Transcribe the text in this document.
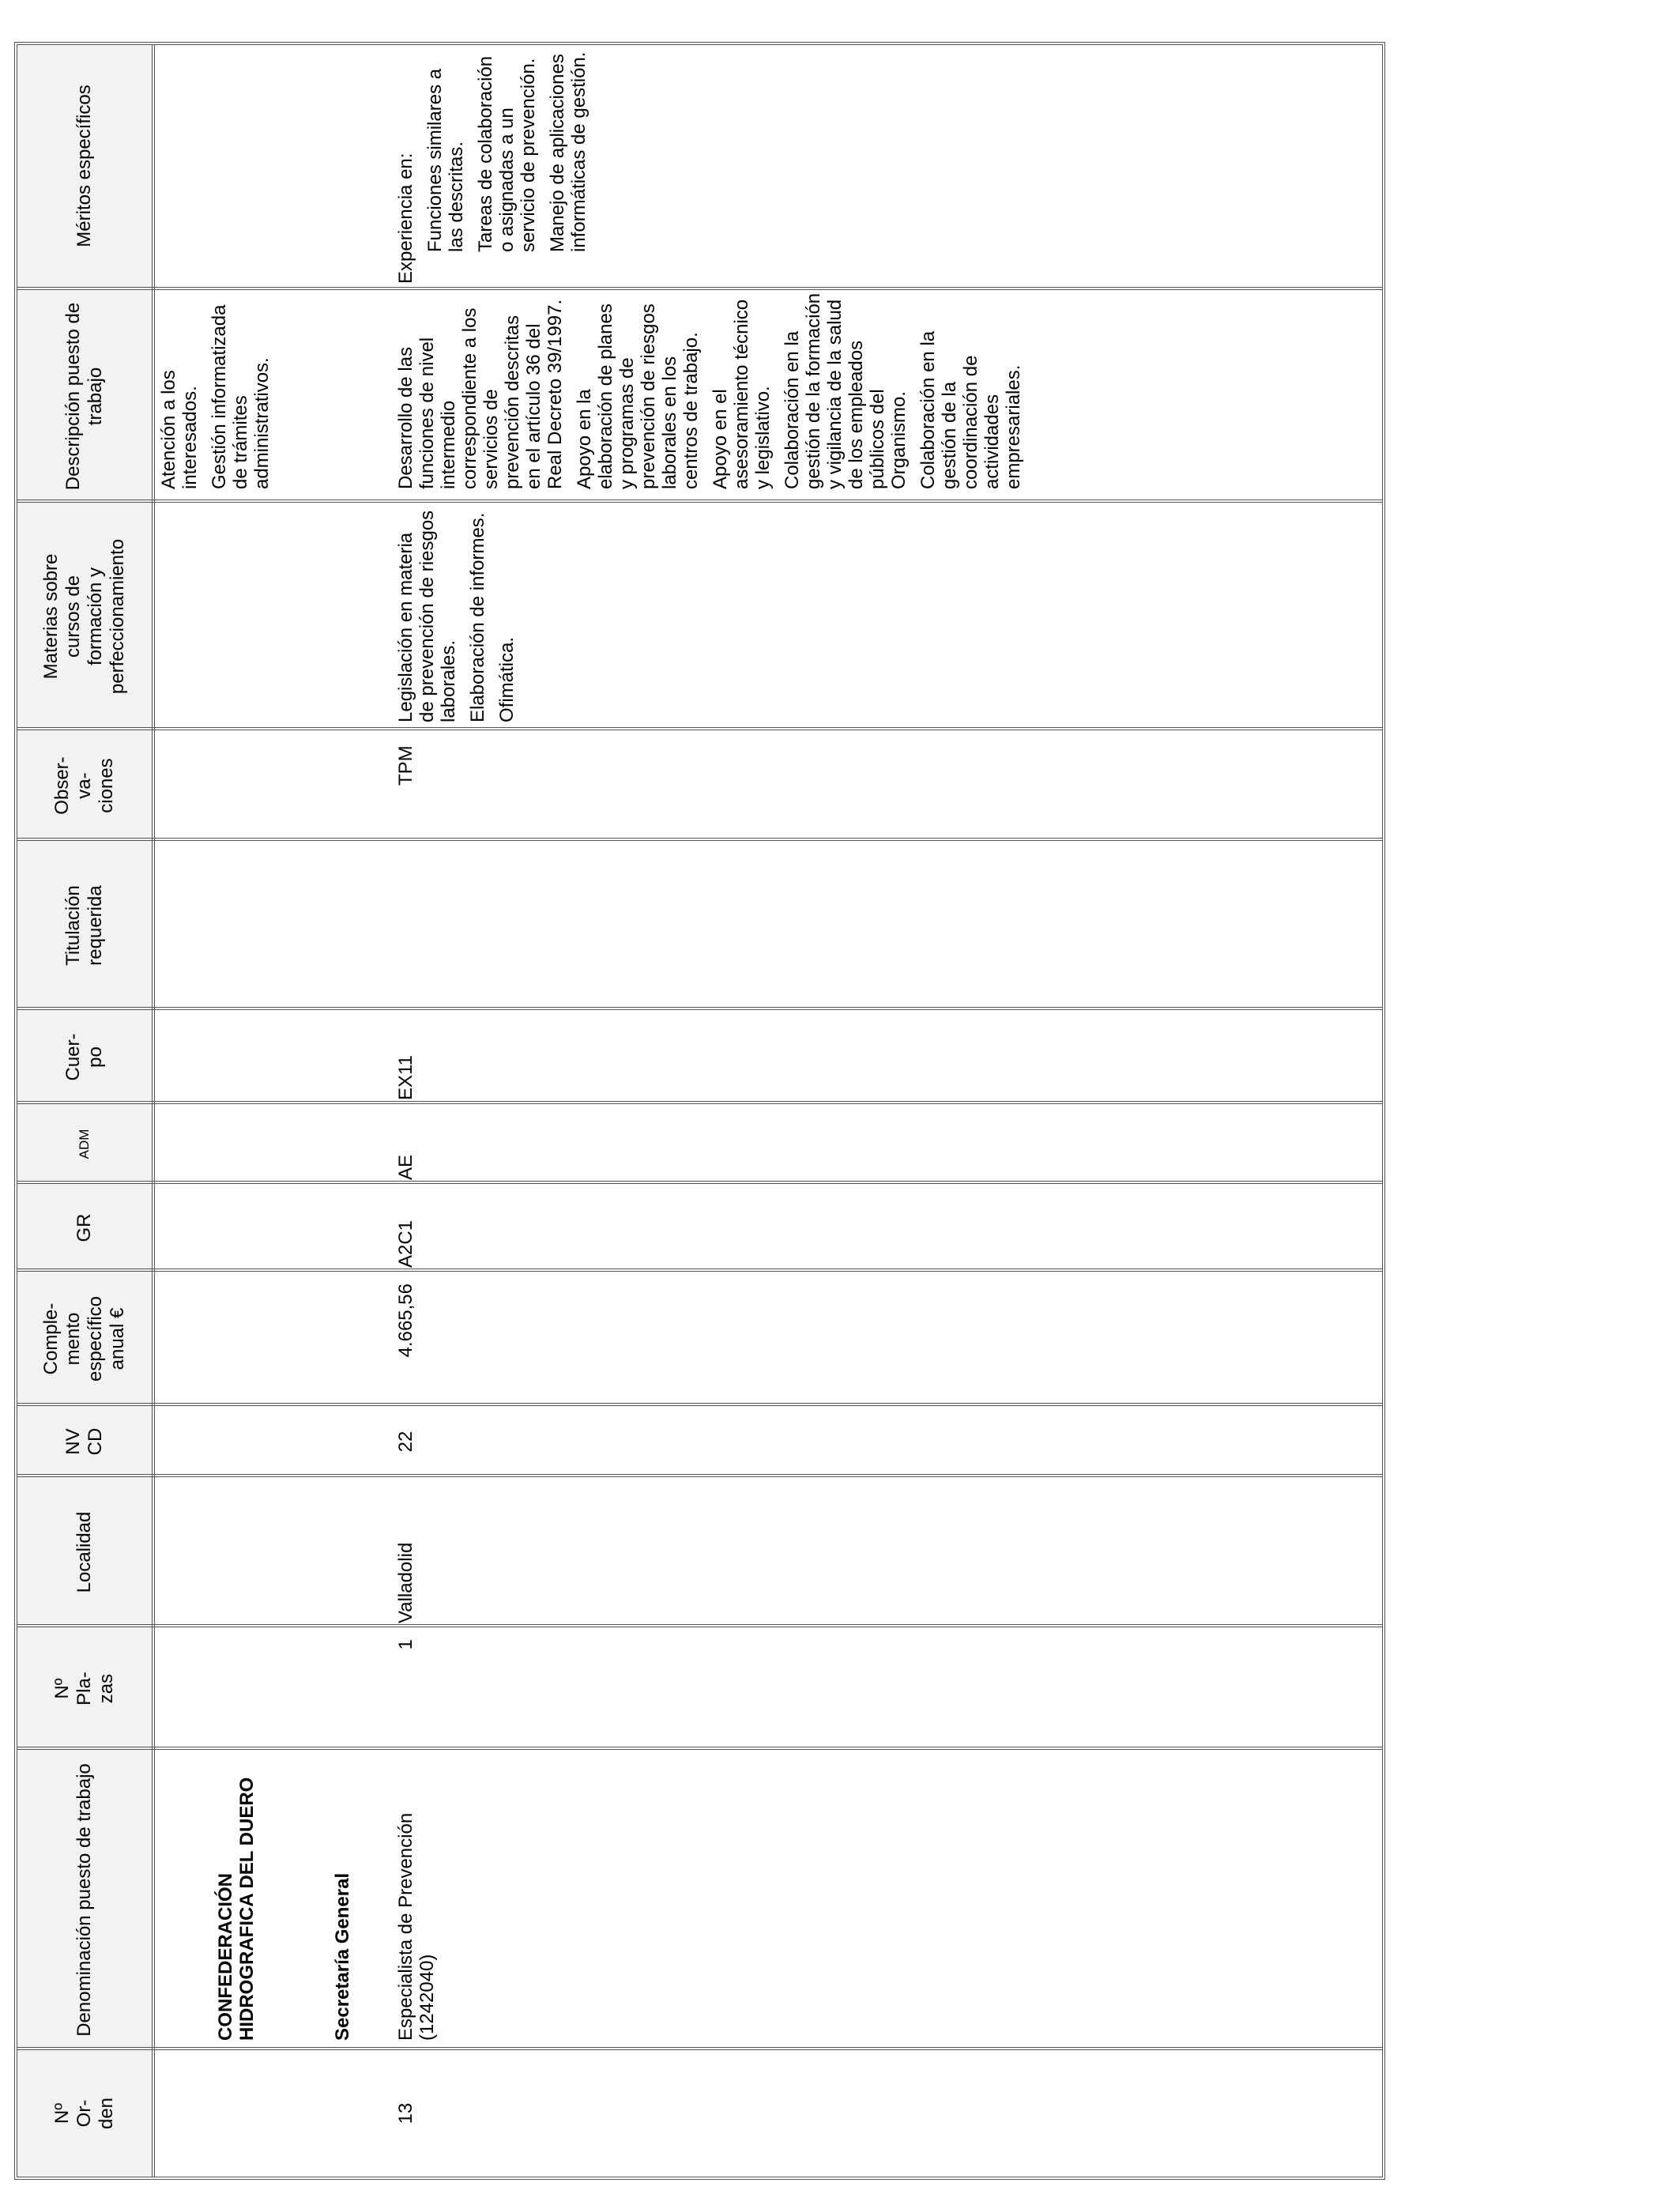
Nº Or- den
Denominación puesto de trabajo
Nº Pla- zas
Localidad
NV CD
Comple- mento específico anual €
GR
ADM
Cuer- po
Titulación requerida
Obser- va- ciones
Materias sobre cursos de formación y perfeccionamiento
Descripción puesto de trabajo
Méritos específicos
Atención a los interesados. Gestión informatizada de trámites administrativos.
CONFEDERACIÓN HIDROGRAFICA DEL DUERO	Secretaría General
13
Especialista de Prevención (1242040)
1
Valladolid
22
4.665,56
A2C1
AE
EX11
TPM
Legislación en materia de prevención de riesgos laborales. Elaboración de informes. Ofimática.
Desarrollo de las funciones de nivel intermedio correspondiente a los servicios de prevención descritas en el artículo 36 del Real Decreto 39/1997. Apoyo en la elaboración de planes y programas de prevención de riesgos laborales en los centros de trabajo. Apoyo en el asesoramiento técnico y legislativo. Colaboración en la gestión de la formación y vigilancia de la salud de los empleados públicos del Organismo. Colaboración en la gestión de la coordinación de actividades empresariales.
Experiencia en: Funciones similares a las descritas. Tareas de colaboración o asignadas a un servicio de prevención. Manejo de aplicaciones informáticas de gestión.
